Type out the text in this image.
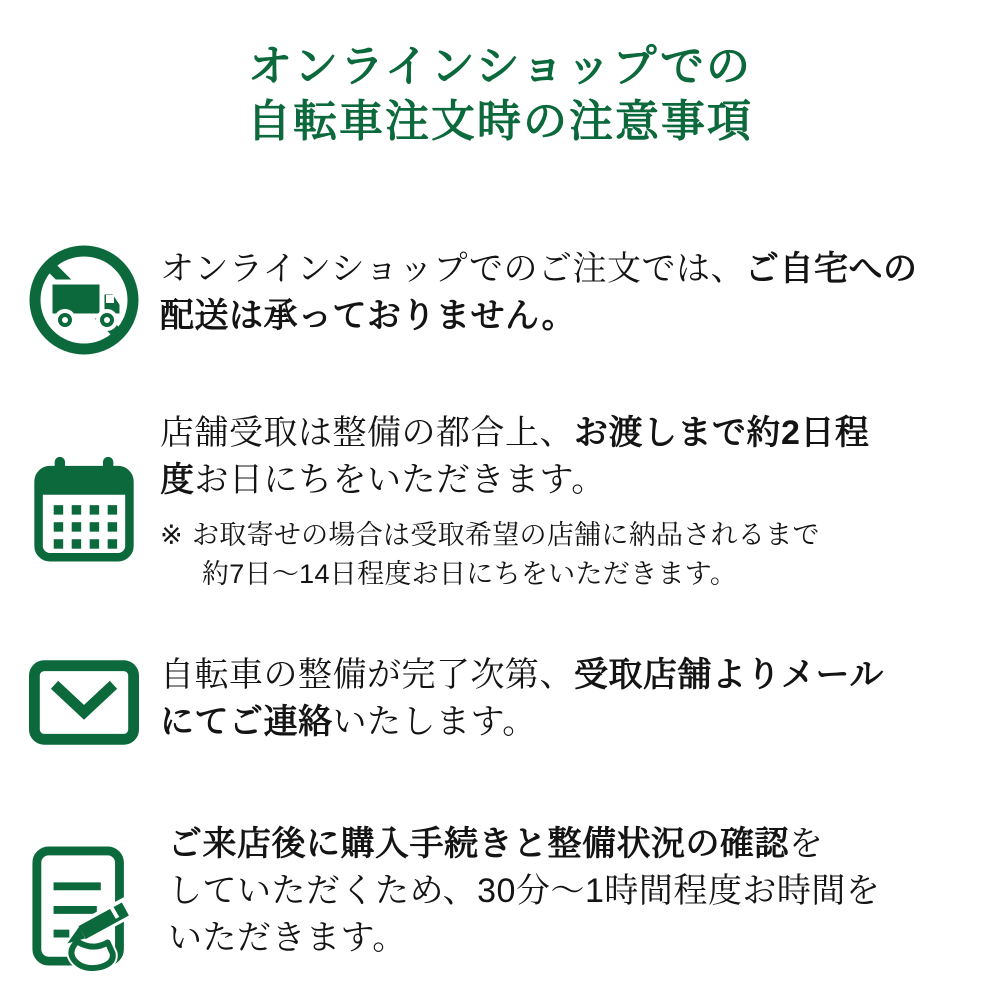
オンラインショップでの
自転車注文時の注意事項
オンラインショップでのご注文では、ご自宅への
配送は承っておりません。
店舗受取は整備の都合上、お渡しまで約2日程
度お日にちをいただきます。
※ お取寄せの場合は受取希望の店舗に納品されるまで
約7日〜14日程度お日にちをいただきます。
自転車の整備が完了次第、受取店舗よりメール
にてご連絡いたします。
ご来店後に購入手続きと整備状況の確認を
していただくため、30分〜1時間程度お時間を
いただきます。
